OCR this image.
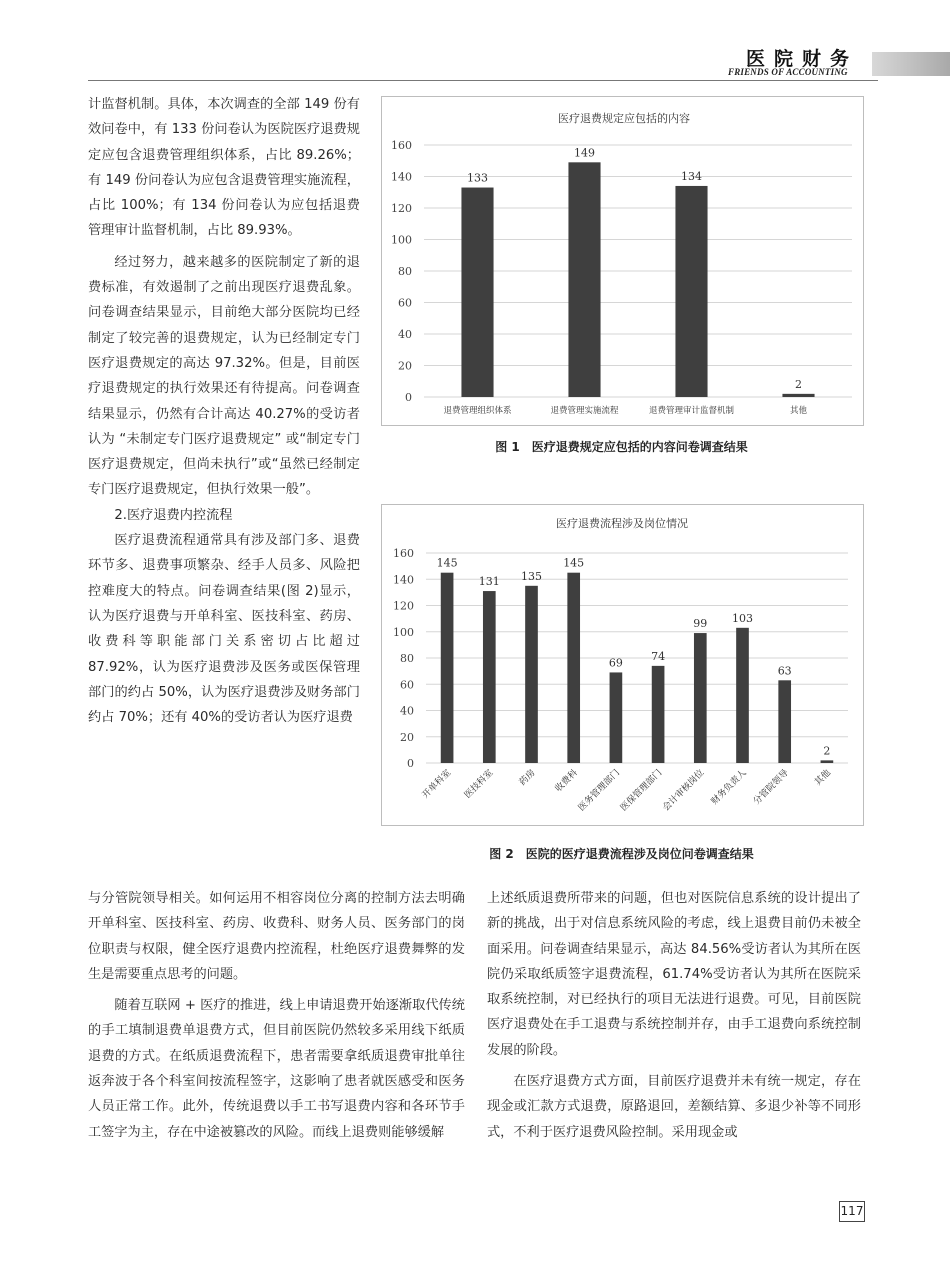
医院财务
FRIENDS OF ACCOUNTING

计监督机制。具体，本次调查的全部 149 份有效问卷中，有 133 份问卷认为医院医疗退费规定应包含退费管理组织体系，占比 89.26%；有 149 份问卷认为应包含退费管理实施流程，占比 100%；有 134 份问卷认为应包括退费管理审计监督机制，占比 89.93%。

经过努力，越来越多的医院制定了新的退费标准，有效遏制了之前出现医疗退费乱象。问卷调查结果显示，目前绝大部分医院均已经制定了较完善的退费规定，认为已经制定专门医疗退费规定的高达 97.32%。但是，目前医疗退费规定的执行效果还有待提高。问卷调查结果显示，仍然有合计高达 40.27%的受访者认为 “未制定专门医疗退费规定” 或“制定专门医疗退费规定，但尚未执行”或“虽然已经制定专门医疗退费规定，但执行效果一般”。

2.医疗退费内控流程

医疗退费流程通常具有涉及部门多、退费环节多、退费事项繁杂、经手人员多、风险把控难度大的特点。问卷调查结果(图 2)显示，认为医疗退费与开单科室、医技科室、药房、收费科等职能部门关系密切占比超过 87.92%，认为医疗退费涉及医务或医保管理部门的约占 50%，认为医疗退费涉及财务部门约占 70%；还有 40%的受访者认为医疗退费

医疗退费规定应包括的内容
0
20
40
60
80
100
120
140
160
133
退费管理组织体系
149
退费管理实施流程
134
退费管理审计监督机制
2
其他
图 1　医疗退费规定应包括的内容问卷调查结果
医疗退费流程涉及岗位情况
0
20
40
60
80
100
120
140
160
145
开单科室
131
医技科室
135
药房
145
收费科
69
医务管理部门
74
医保管理部门
99
会计审核岗位
103
财务负责人
63
分管院领导
2
其他
图 2　医院的医疗退费流程涉及岗位问卷调查结果

与分管院领导相关。如何运用不相容岗位分离的控制方法去明确开单科室、医技科室、药房、收费科、财务人员、医务部门的岗位职责与权限，健全医疗退费内控流程，杜绝医疗退费舞弊的发生是需要重点思考的问题。

随着互联网 + 医疗的推进，线上申请退费开始逐渐取代传统的手工填制退费单退费方式，但目前医院仍然较多采用线下纸质退费的方式。在纸质退费流程下，患者需要拿纸质退费审批单往返奔波于各个科室间按流程签字，这影响了患者就医感受和医务人员正常工作。此外，传统退费以手工书写退费内容和各环节手工签字为主，存在中途被篡改的风险。而线上退费则能够缓解

上述纸质退费所带来的问题，但也对医院信息系统的设计提出了新的挑战，出于对信息系统风险的考虑，线上退费目前仍未被全面采用。问卷调查结果显示，高达 84.56%受访者认为其所在医院仍采取纸质签字退费流程，61.74%受访者认为其所在医院采取系统控制，对已经执行的项目无法进行退费。可见，目前医院医疗退费处在手工退费与系统控制并存，由手工退费向系统控制发展的阶段。

在医疗退费方式方面，目前医疗退费并未有统一规定，存在现金或汇款方式退费，原路退回，差额结算、多退少补等不同形式，不利于医疗退费风险控制。采用现金或

117
